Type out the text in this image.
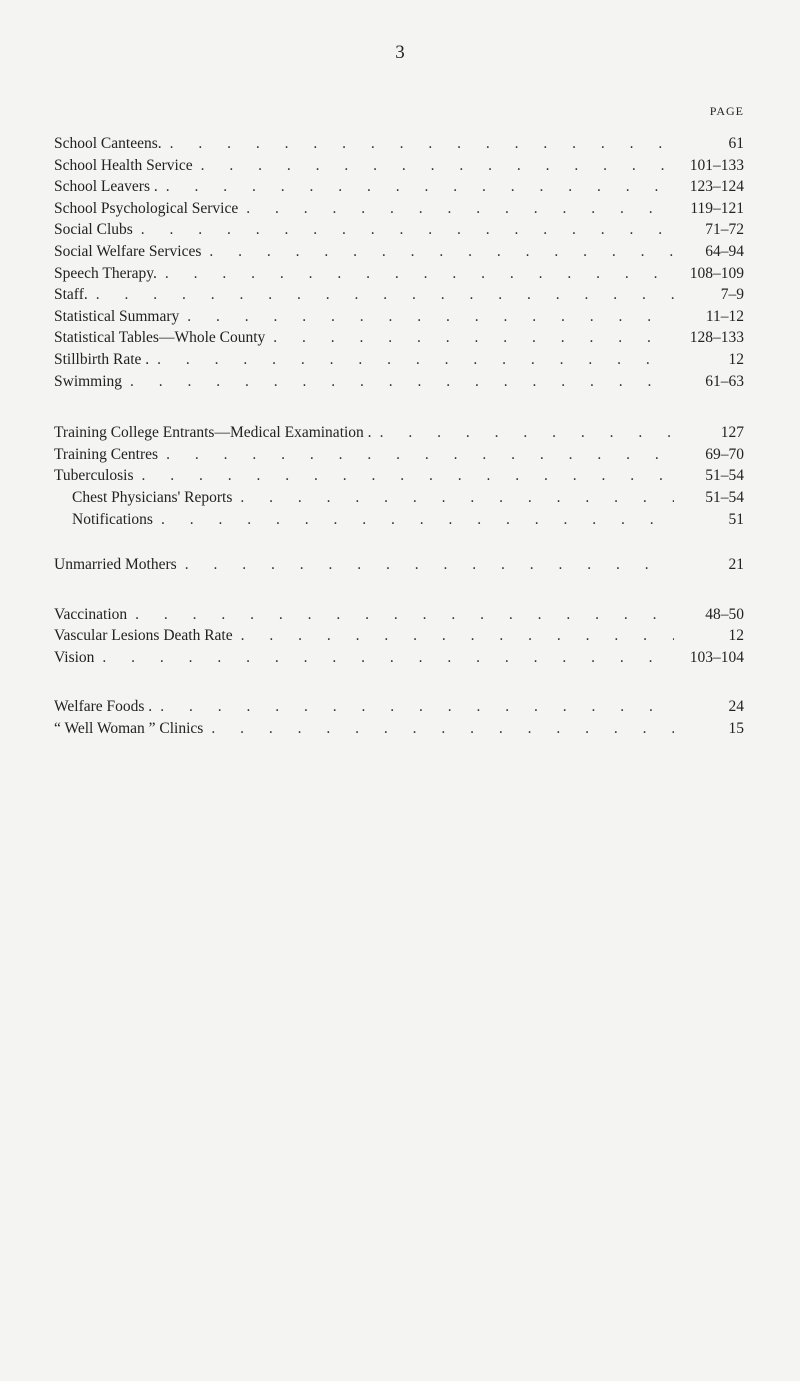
3
PAGE
School Canteens. . . .	61
School Health Service . . .	101–133
School Leavers . . . .	123–124
School Psychological Service . . .	119–121
Social Clubs . . .	71–72
Social Welfare Services . . .	64–94
Speech Therapy. . . .	108–109
Staff. . . .	7–9
Statistical Summary . . .	11–12
Statistical Tables—Whole County . . .	128–133
Stillbirth Rate . . . .	12
Swimming . . .	61–63
Training College Entrants—Medical Examination . . . .	127
Training Centres . . .	69–70
Tuberculosis . . .	51–54
Chest Physicians' Reports . . .	51–54
Notifications . . .	51
Unmarried Mothers . . .	21
Vaccination . . .	48–50
Vascular Lesions Death Rate . . .	12
Vision . . .	103–104
Welfare Foods . . . .	24
“ Well Woman ” Clinics . . .	15
